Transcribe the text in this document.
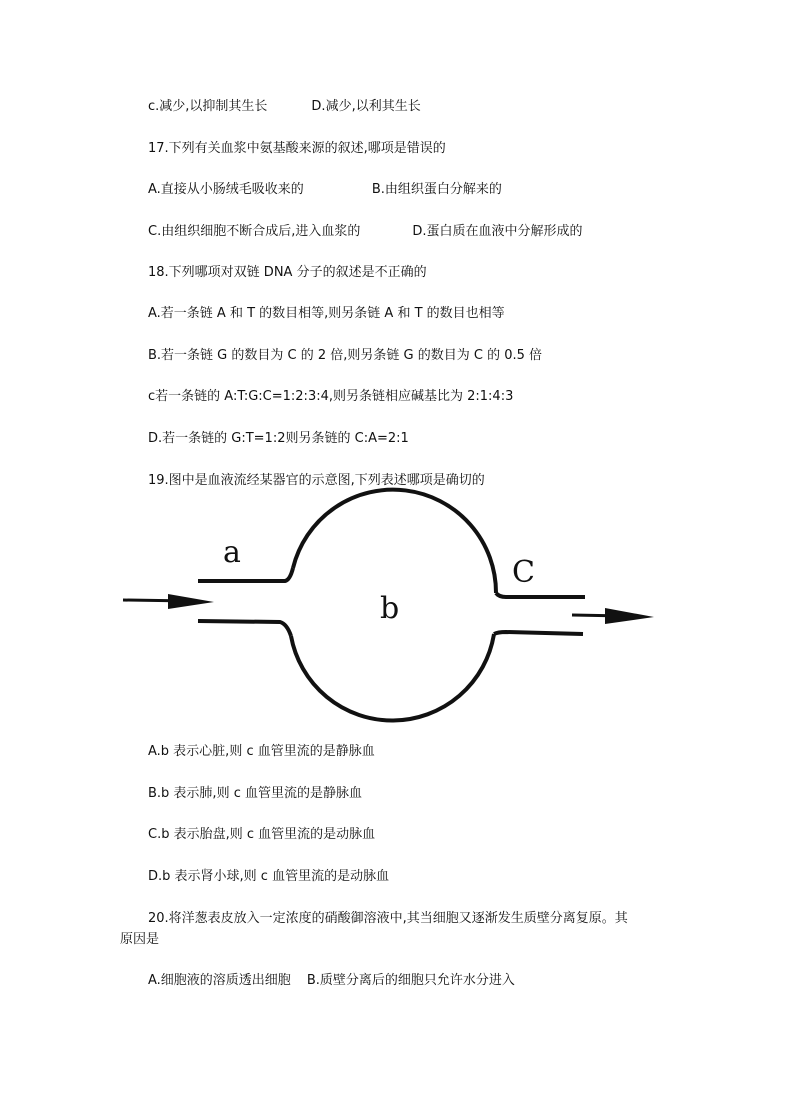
c.减少,以抑制其生长	D.减少,以利其生长
17.下列有关血浆中氨基酸来源的叙述,哪项是错误的
A.直接从小肠绒毛吸收来的	B.由组织蛋白分解来的
C.由组织细胞不断合成后,进入血浆的	D.蛋白质在血液中分解形成的
18.下列哪项对双链 DNA 分子的叙述是不正确的
A.若一条链 A 和 T 的数目相等,则另条链 A 和 T 的数目也相等
B.若一条链 G 的数目为 C 的 2 倍,则另条链 G 的数目为 C 的 0.5 倍
c若一条链的 A:T:G:C=1:2:3:4,则另条链相应碱基比为 2:1:4:3
D.若一条链的 G:T=1:2则另条链的 C:A=2:1
19.图中是血液流经某器官的示意图,下列表述哪项是确切的
a
b
C
A.b 表示心脏,则 c 血管里流的是静脉血
B.b 表示肺,则 c 血管里流的是静脉血
C.b 表示胎盘,则 c 血管里流的是动脉血
D.b 表示肾小球,则 c 血管里流的是动脉血
20.将洋葱表皮放入一定浓度的硝酸御溶液中,其当细胞又逐渐发生质壁分离复原。其
原因是
A.细胞液的溶质透出细胞 B.质壁分离后的细胞只允许水分进入
